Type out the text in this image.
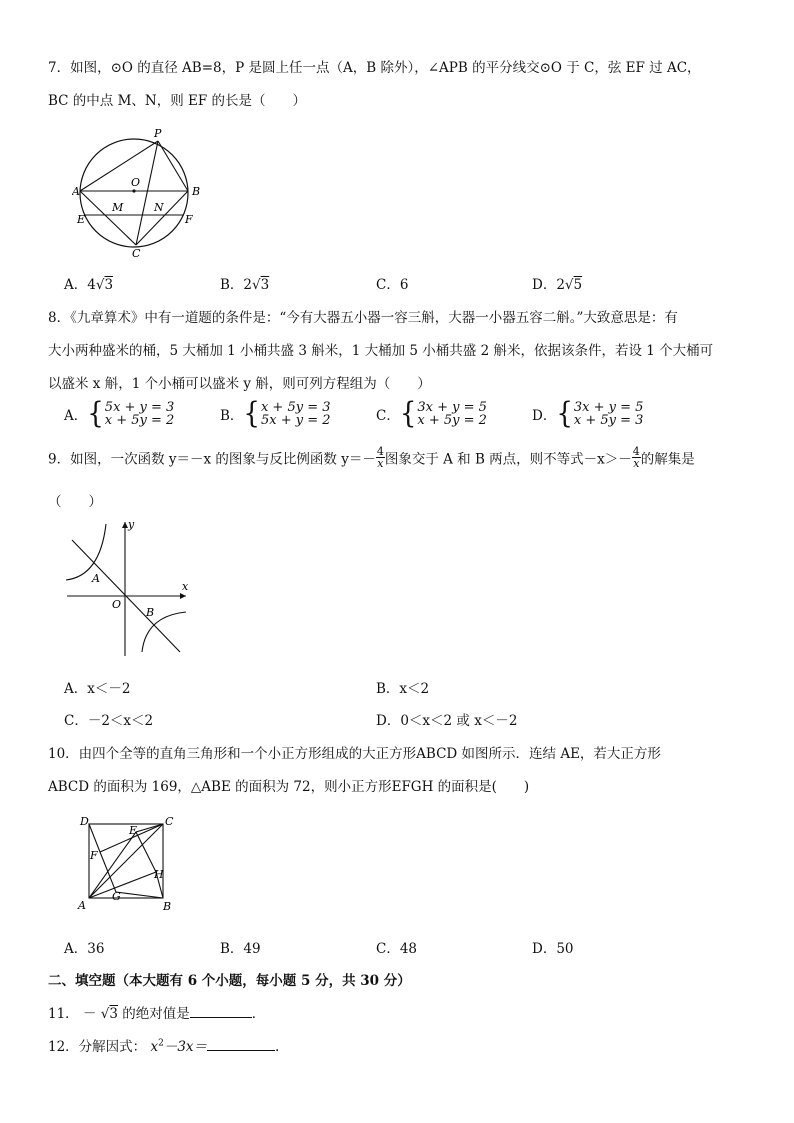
7．如图，⊙O 的直径 AB=8，P 是圆上任一点（A，B 除外），∠APB 的平分线交⊙O 于 C，弦 EF 过 AC，
BC 的中点 M、N，则 EF 的长是（　　）
P
A	B
O
M	N
E	F
C
A．4√3	B．2√3	C．6	D．2√5
8．《九章算术》中有一道题的条件是：“今有大器五小器一容三斛，大器一小器五容二斛。”大致意思是：有
大小两种盛米的桶，5 大桶加 1 小桶共盛 3 斛米，1 大桶加 5 小桶共盛 2 斛米，依据该条件，若设 1 个大桶可
以盛米 x 斛，1 个小桶可以盛米 y 斛，则可列方程组为（　　）
A．{ 5x + y = 3
x + 5y = 2	B．{ x + 5y = 3
5x + y = 2	C．{ 3x + y = 5
x + 5y = 2	D．{ 3x + y = 5
x + 5y = 3
9．如图，一次函数 y＝－x 的图象与反比例函数 $y=- \frac{4}{x}$ 图象交于 A 和 B 两点，则不等式$-x>- \frac{4}{x}$ 的解集是
（　　）
y
x
O
A
B
A．x＜－2	B．x＜2
C．－2＜x＜2	D．0＜x＜2 或 x＜－2
10．由四个全等的直角三角形和一个小正方形组成的大正方形ABCD 如图所示．连结 AE，若大正方形
ABCD 的面积为 169，△ABE 的面积为 72，则小正方形EFGH 的面积是(　　)
D	C
E
F
H
G
A	B
A．36	B．49	C．48	D．50
二、填空题（本大题有 6 个小题，每小题 5 分，共 30 分）
11． － √3 的绝对值是	．
12．分解因式： $x^2-3x=$	.
